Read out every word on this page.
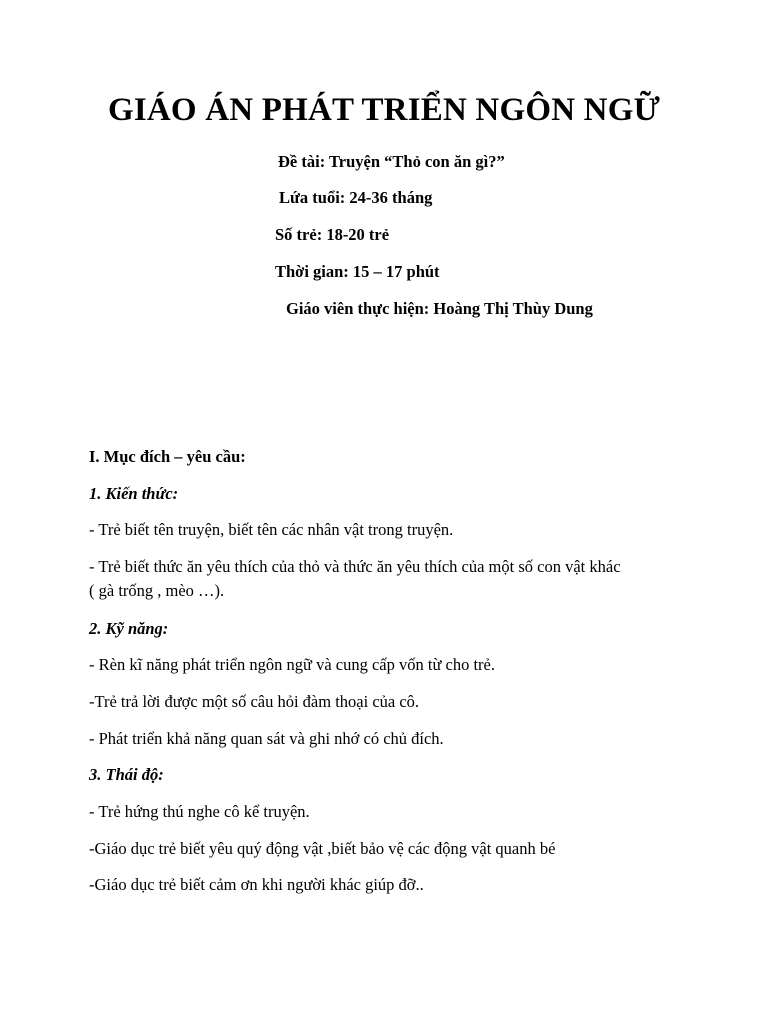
GIÁO ÁN PHÁT TRIỂN NGÔN NGỮ
Đề tài: Truyện “Thỏ con ăn gì?”
Lứa tuổi: 24-36 tháng
Số trẻ: 18-20 trẻ
Thời gian: 15 – 17 phút
Giáo viên thực hiện: Hoàng Thị Thùy Dung
I. Mục đích – yêu cầu:
1. Kiến thức:
- Trẻ biết tên truyện, biết tên các nhân vật trong truyện.
- Trẻ biết thức ăn yêu thích của thỏ và thức ăn yêu thích của một số con vật khác
( gà trống , mèo …).
2. Kỹ năng:
- Rèn kĩ năng phát triển ngôn ngữ và cung cấp vốn từ cho trẻ.
-Trẻ trả lời được một số câu hỏi đàm thoại của cô.
- Phát triển khả năng quan sát và ghi nhớ có chủ đích.
3. Thái độ:
- Trẻ hứng thú nghe cô kể truyện.
-Giáo dục trẻ biết yêu quý động vật ,biết bảo vệ các động vật quanh bé
-Giáo dục trẻ biết cảm ơn khi người khác giúp đỡ..
